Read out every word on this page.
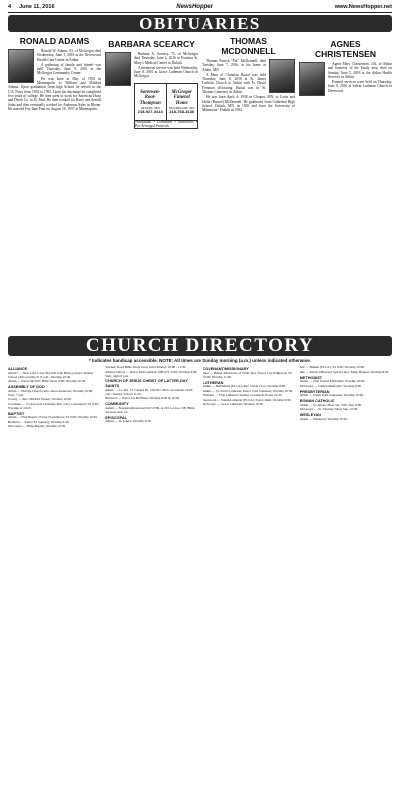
4 June 11, 2016	NewsHopper	www.NewsHopper.net
OBITUARIES
RONALD ADAMS

Ronald W. Adams, 83, of McGregor died Wednesday, June 1, 2016 at the Riverwood Health Care Center in Aitkin.

A gathering of family and friends was held Thursday, June 9, 2016 at the McGregor Community Center.

He was born in May of 1933 in Minneapolis to William and Mildred Adams. Upon graduation from high School he served in the U.S. Navy from 1952 to 1955. Upon his discharge he completed five years of college. He then went to work for American Hoist and Derek Co. in St. Paul. He then worked for Barry and Sewall Sales and then eventually worked for Anderson Sales in Blaine. He married Fay Jane Pratt on August 16, 1957 at Minneapolis.

BARBARA SCEARCY

Barbara A. Scearcy, 75, of McGregor died Thursday, June 2, 2016 at Essentia St. Mary's Medical Center in Duluth.

A memorial service was held Wednesday, June 8, 2016 at Grace Lutheran Church in McGregor.

Sorensen-Root-Thompson
AITKIN, MN
218-927-3414
McGregor Funeral Home
McGREGOR, MN
218-768-3136
Traditional • Cremation • Memorials • Pre-Arranged Funerals
THOMAS MCDONNELL

Thomas Patrick "Pat" McDonnell, died Tuesday, June 7, 2016, at his home in Aitkin, MN.

A Mass of Christian Burial was held Thursday, June 9, 2016 at St. James Catholic Church in Aitkin with Fr. David Forsman officiating. Burial was in St. Thomas Cemetery in Aitkin.

He was born April 4, 1938 in Cloquet, MN, to Louis and Idella (Barrett) McDonnell. He graduated from Cathedral High School, Duluth, MN, in 1956 and from the University of Minnesota - Duluth in 1962.

AGNES CHRISTENSEN

Agnes Mary Christensen, 101, of Aitkin and formerly of the Emily area, died on Sunday, June 5, 2016 at the Aitkin Health Services in Aitkin.

Funeral services were held on Thursday, June 9, 2016 at Salem Lutheran Church in Deerwood.

CHURCH DIRECTORY
* Indicates handicap accessible. NOTE: All times are Sunday morning (a.m.) unless indicated otherwise.
ALLIANCE
Aitkin* — New Life; Larry Boyd & John Beier, pastors. Sunday School (All) worship 9:15 a.m.; Worship 10:30.
Aitkin — Pastor McGill; Bible Study 9:00; Worship 10:30.
ASSEMBLY OF GOD
Aitkin — Hotopp Church; Rev. Jason Anderson; Worship 10:00; Wed. 7 p.m.
Crosby — Rev. Mildred Tunnel; Worship 10:30.
Crosslake — Crosswoods Christian; Rev. Gary Cazaentrek; SS 9:30; Worship at 10:45.
BAPTIST
Aitkin — First Baptist; Pastor Noah Bevis; SS 9:30; Worship 10:45.
Brainerd — Pastor Ed Sunberg; Worship 9:30.
McGregor — Bible Baptist; Worship 10:30.
Sturnes; Road Bible Study every third Sunday, 10:00 - 11:30.
Aitkin (Christ) — Pastor Kim Gunstan; 608-675-1529; Worship 9:00; Wed. night 6 p.m.
CHURCH OF JESUS CHRIST OF LATTER-DAY SAINTS
Aitkin — Co. Rd. 12. Chapel Ph. 218-927-4454. Sacrament 10:00 a.m.; Sunday School 11:20.
Brainerd — Pastor Liz Hoffman; Worship 9:00 & 10:30.
COMMUNITY
Aitkin — Nondenominational; 927-2796, at 219 1st Ave. NE; Bible, Services Sun. 10.
EPISCOPAL
Aitkin — St. John's; Worship 9:30.
COVENANT/MISSIONARY
Deer — Bethel Tabernacle of Truth; Rev. Pastor Lon Wilkinson; SS 10:00; Worship 11:00.
LUTHERAN
Aitkin — Bethlehem (ELCA); Rev. Cindy Cloo; Worship 9:00.
Aitkin — St. John's Lutheran; Pastor Joan Johanson; Worship 10:30.
Brainerd — First Lutheran; Sunday worship 8:30 and 10:45.
Deerwood — Salem Lutheran (ELCA); Pastor Ruth; Worship 9:30.
McGregor — Grace Lutheran; Worship 10:30.
Isle — Hidden (ELCA); SS 9:30; Worship 10:00.
Isle — Trinity (Missouri Synod); Rev. Mark Hansen; Worship 8:30.
METHODIST
Aitkin — First United Methodist; Worship 10:00.
McGregor — United Methodist; Worship 9:00.
PRESBYTERIAN
Aitkin — Pastor Kim Jorgensen; Worship 10:00.
ROMAN CATHOLIC
Aitkin — St. James; Mass Sat. 5:00; Sun. 8:00.
McGregor — St. Thomas; Mass Sun. 10:30.
WESLEYAN
Aitkin — Wesleyan; Worship 10:30.
